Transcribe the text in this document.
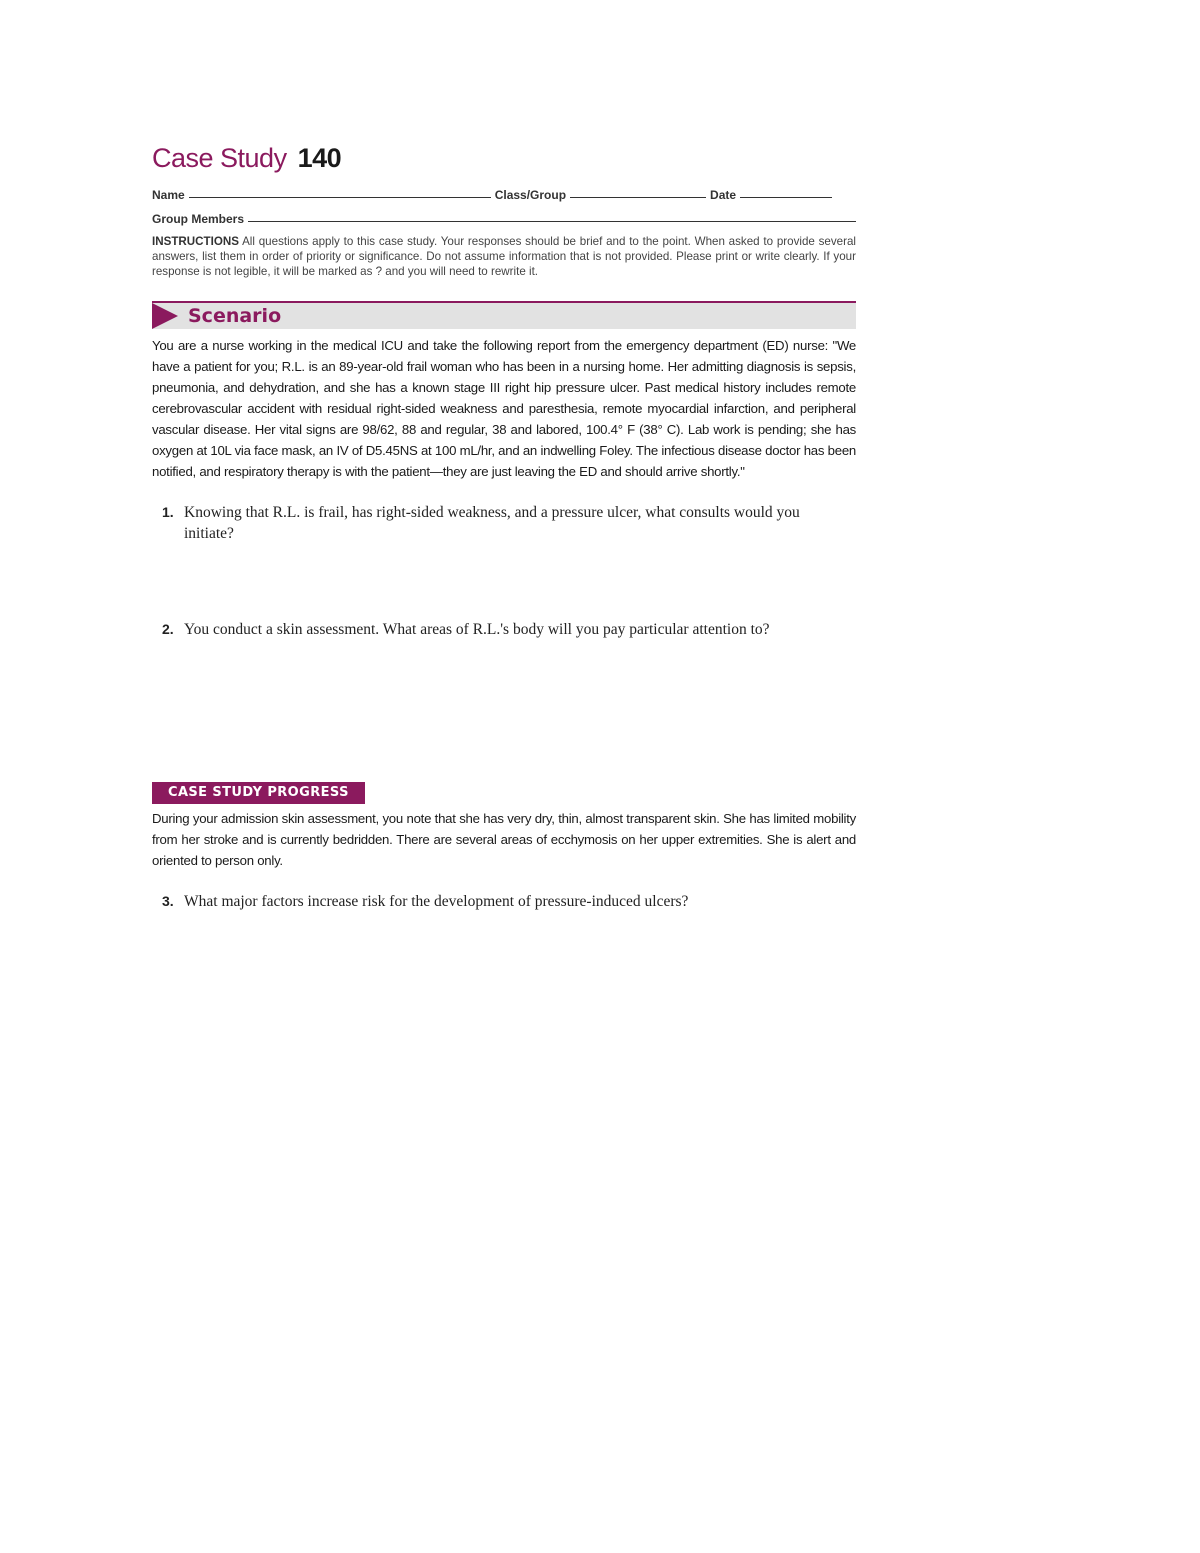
Case Study 140
Name	Class/Group	Date
Group Members

INSTRUCTIONS All questions apply to this case study. Your responses should be brief and to the point. When asked to provide several answers, list them in order of priority or significance. Do not assume information that is not provided. Please print or write clearly. If your response is not legible, it will be marked as ? and you will need to rewrite it.

Scenario

You are a nurse working in the medical ICU and take the following report from the emergency department (ED) nurse: "We have a patient for you; R.L. is an 89-year-old frail woman who has been in a nursing home. Her admitting diagnosis is sepsis, pneumonia, and dehydration, and she has a known stage III right hip pressure ulcer. Past medical history includes remote cerebrovascular accident with residual right-sided weakness and paresthesia, remote myocardial infarction, and peripheral vascular disease. Her vital signs are 98/62, 88 and regular, 38 and labored, 100.4° F (38° C). Lab work is pending; she has oxygen at 10L via face mask, an IV of D5.45NS at 100 mL/hr, and an indwelling Foley. The infectious disease doctor has been notified, and respiratory therapy is with the patient—they are just leaving the ED and should arrive shortly."

1. Knowing that R.L. is frail, has right-sided weakness, and a pressure ulcer, what consults would you initiate?
2. You conduct a skin assessment. What areas of R.L.'s body will you pay particular attention to?
CASE STUDY PROGRESS

During your admission skin assessment, you note that she has very dry, thin, almost transparent skin. She has limited mobility from her stroke and is currently bedridden. There are several areas of ecchymosis on her upper extremities. She is alert and oriented to person only.

3. What major factors increase risk for the development of pressure-induced ulcers?
